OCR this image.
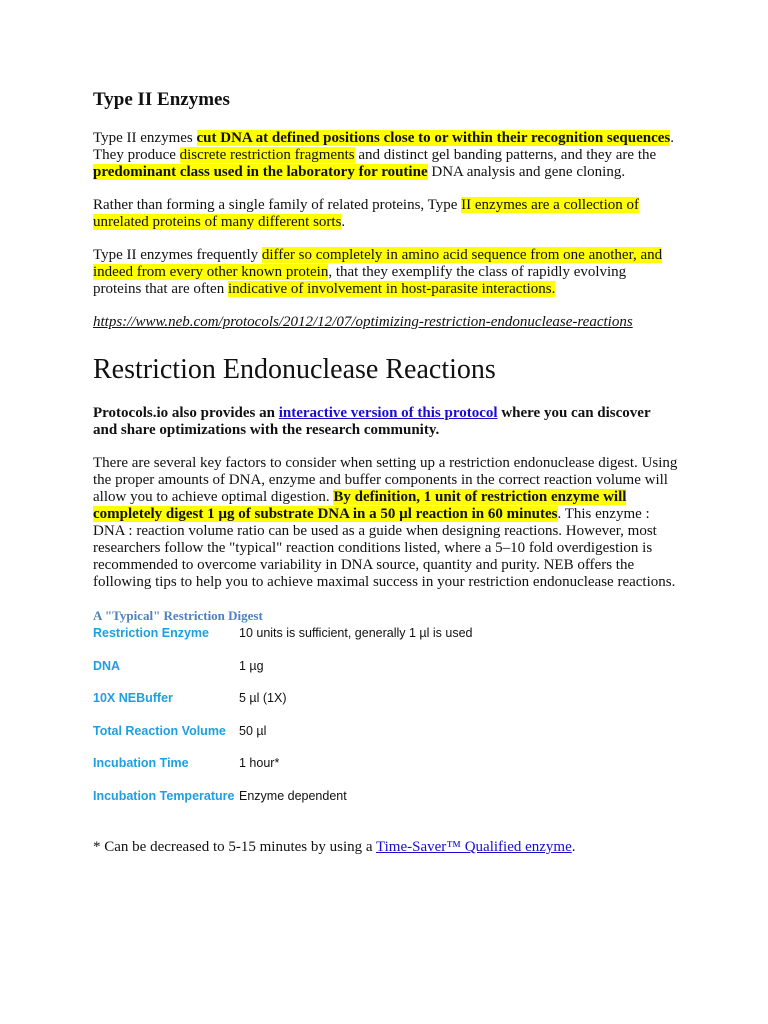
Type II Enzymes

Type II enzymes cut DNA at defined positions close to or within their recognition sequences. They produce discrete restriction fragments and distinct gel banding patterns, and they are the predominant class used in the laboratory for routine DNA analysis and gene cloning.

Rather than forming a single family of related proteins, Type II enzymes are a collection of unrelated proteins of many different sorts.

Type II enzymes frequently differ so completely in amino acid sequence from one another, and indeed from every other known protein, that they exemplify the class of rapidly evolving proteins that are often indicative of involvement in host-parasite interactions.

https://www.neb.com/protocols/2012/12/07/optimizing-restriction-endonuclease-reactions
Restriction Endonuclease Reactions

Protocols.io also provides an interactive version of this protocol where you can discover and share optimizations with the research community.

There are several key factors to consider when setting up a restriction endonuclease digest. Using the proper amounts of DNA, enzyme and buffer components in the correct reaction volume will allow you to achieve optimal digestion. By definition, 1 unit of restriction enzyme will completely digest 1 µg of substrate DNA in a 50 µl reaction in 60 minutes. This enzyme : DNA : reaction volume ratio can be used as a guide when designing reactions. However, most researchers follow the "typical" reaction conditions listed, where a 5–10 fold overdigestion is recommended to overcome variability in DNA source, quantity and purity. NEB offers the following tips to help you to achieve maximal success in your restriction endonuclease reactions.

A "Typical" Restriction Digest
Restriction Enzyme	10 units is sufficient, generally 1 µl is used
DNA	1 µg
10X NEBuffer	5 µl (1X)
Total Reaction Volume	50 µl
Incubation Time	1 hour*
Incubation Temperature	Enzyme dependent

* Can be decreased to 5-15 minutes by using a Time-Saver™ Qualified enzyme.
